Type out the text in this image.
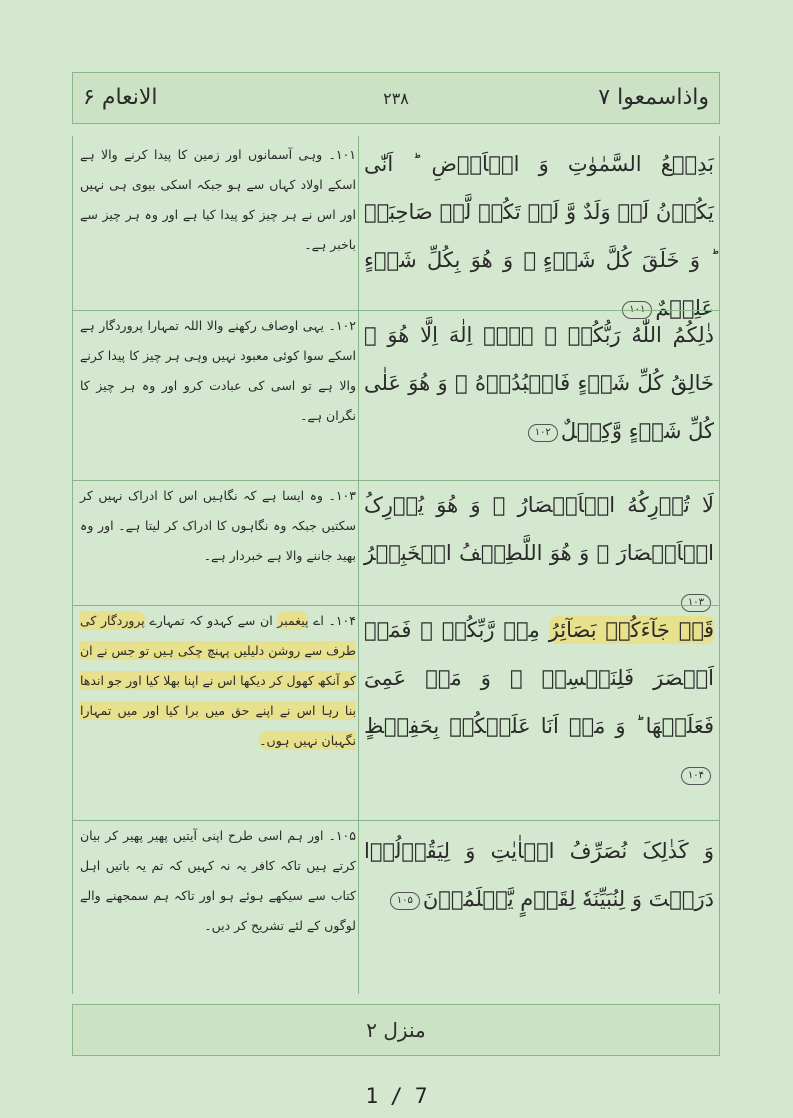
واذاسمعوا ۷
۲۳۸
الانعام ۶
بَدِیۡعُ السَّمٰوٰتِ وَ الۡاَرۡضِ ؕ اَنّٰی یَکُوۡنُ لَہٗ وَلَدٌ وَّ لَمۡ تَکُنۡ لَّہٗ صَاحِبَۃٌ ؕ وَ خَلَقَ کُلَّ شَیۡءٍ ۚ وَ هُوَ بِکُلِّ شَیۡءٍ عَلِیۡمٌ۱۰۱
۱۰۱۔ وہی آسمانوں اور زمین کا پیدا کرنے والا ہے اسکے اولاد کہاں سے ہو جبکہ اسکی بیوی ہی نہیں اور اس نے ہر چیز کو پیدا کیا ہے اور وہ ہر چیز سے باخبر ہے۔
ذٰلِکُمُ اللّٰهُ رَبُّکُمۡ ۚ لَاۤ اِلٰهَ اِلَّا هُوَ ۚ خَالِقُ کُلِّ شَیۡءٍ فَاعۡبُدُوۡهُ ۚ وَ هُوَ عَلٰی کُلِّ شَیۡءٍ وَّکِیۡلٌ۱۰۲
۱۰۲۔ یہی اوصاف رکھنے والا اللہ تمہارا پروردگار ہے اسکے سوا کوئی معبود نہیں وہی ہر چیز کا پیدا کرنے والا ہے تو اسی کی عبادت کرو اور وہ ہر چیز کا نگران ہے۔
لَا تُدۡرِکُهُ الۡاَبۡصَارُ ۫ وَ هُوَ یُدۡرِکُ الۡاَبۡصَارَ ۚ وَ هُوَ اللَّطِیۡفُ الۡخَبِیۡرُ۱۰۳
۱۰۳۔ وہ ایسا ہے کہ نگاہیں اس کا ادراک نہیں کر سکتیں جبکہ وہ نگاہوں کا ادراک کر لیتا ہے۔ اور وہ بھید جاننے والا ہے خبردار ہے۔
قَدۡ جَآءَکُمۡ بَصَآئِرُ مِنۡ رَّبِّکُمۡ ۚ فَمَنۡ اَبۡصَرَ فَلِنَفۡسِهٖ ۚ وَ مَنۡ عَمِیَ فَعَلَیۡهَا ؕ وَ مَاۤ اَنَا عَلَیۡکُمۡ بِحَفِیۡظٍ۱۰۴
۱۰۴۔ اے پیغمبر ان سے کہدو کہ تمہارے پروردگار کی طرف سے روشن دلیلیں پہنچ چکی ہیں تو جس نے ان کو آنکھ کھول کر دیکھا اس نے اپنا بھلا کیا اور جو اندھا بنا رہا اس نے اپنے حق میں برا کیا اور میں تمہارا نگہبان نہیں ہوں۔
وَ کَذٰلِکَ نُصَرِّفُ الۡاٰیٰتِ وَ لِیَقُوۡلُوۡا دَرَسۡتَ وَ لِنُبَیِّنَهٗ لِقَوۡمٍ یَّعۡلَمُوۡنَ۱۰۵
۱۰۵۔ اور ہم اسی طرح اپنی آیتیں پھیر پھیر کر بیان کرتے ہیں تاکہ کافر یہ نہ کہیں کہ تم یہ باتیں اہل کتاب سے سیکھے ہوئے ہو اور تاکہ ہم سمجھنے والے لوگوں کے لئے تشریح کر دیں۔
منزل ۲
1 / 7
